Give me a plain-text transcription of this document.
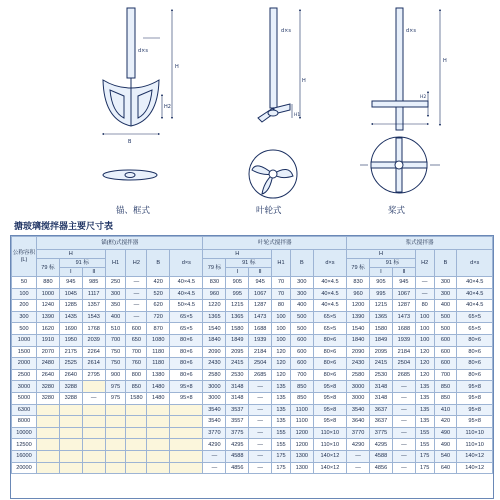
d×s
H
H2
B
d×s
H
H1
d×s
H
H2
锚、框式	叶轮式	桨式
搪玻璃搅拌器主要尺寸表
公称容积(L)	锚(框)式搅拌器							叶轮式搅拌器						浆式搅拌器					
	H			H1	H2	B	d×s	H			H1	B	d×s	H			H2	B	d×s
	79 标	91 标						79 标	91 标					79 标	91 标				
		Ⅰ	Ⅱ						Ⅰ	Ⅱ					Ⅰ	Ⅱ			
50	880	945	985	250	—	420	40×4.5	830	905	945	70	300	40×4.5	830	905	945	—	300	40×4.5
100	1000	1045	1117	300	—	520	40×4.5	960	995	1067	70	300	40×4.5	960	995	1067	—	300	40×4.5
200	1240	1285	1357	350	—	620	50×4.5	1220	1215	1287	80	400	40×4.5	1200	1215	1287	80	400	40×4.5
300	1390	1435	1543	400	—	720	65×5	1365	1365	1473	100	500	65×5	1390	1365	1473	100	500	65×5
500	1620	1690	1768	510	600	870	65×5	1540	1580	1688	100	500	65×5	1540	1580	1688	100	500	65×5
1000	1910	1950	2039	700	650	1080	80×6	1840	1849	1939	100	600	80×6	1840	1849	1939	100	600	80×6
1500	2070	2175	2264	750	700	1180	80×6	2090	2095	2184	120	600	80×6	2090	2095	2184	120	600	80×6
2000	2480	2525	2614	750	760	1180	80×6	2430	2415	2504	120	600	80×6	2430	2415	2504	120	600	80×6
2500	2640	2640	2795	900	800	1380	80×6	2580	2530	2685	120	700	80×6	2580	2530	2685	120	700	80×6
3000	3280	3288		975	850	1480	95×8	3000	3148	—	135	850	95×8	3000	3148	—	135	850	95×8
5000	3280	3288	—	975	1580	1480	95×8	3000	3148	—	135	850	95×8	3000	3148	—	135	850	95×8
6300								3540	3537	—	135	1100	95×8	3540	3637	—	135	410	95×8
8000								3540	3557	—	135	1100	95×8	3640	3637	—	135	420	95×8
10000								3770	3775	—	155	1200	110×10	3770	3775	—	155	490	110×10
12500								4290	4295	—	155	1200	110×10	4290	4295	—	155	490	110×10
16000								—	4588	—	175	1300	140×12	—	4588	—	175	540	140×12
20000								—	4856	—	175	1300	140×12	—	4856	—	175	640	140×12
